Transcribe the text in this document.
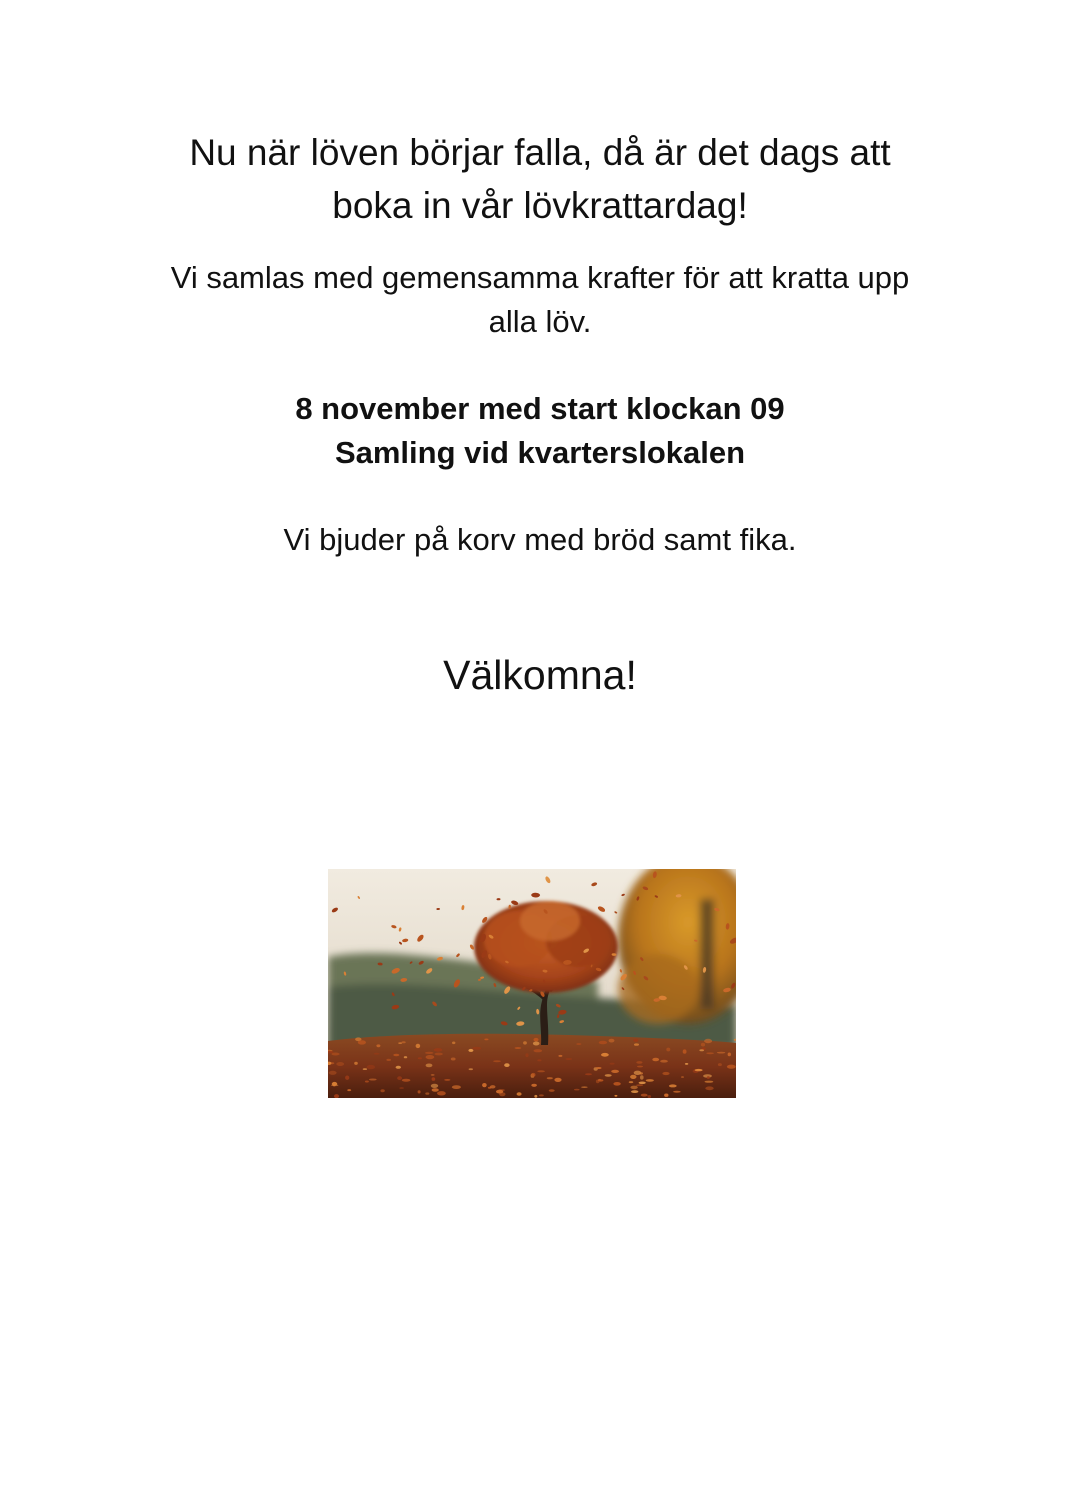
Nu när löven börjar falla, då är det dags att
boka in vår lövkrattardag!

Vi samlas med gemensamma krafter för att kratta upp
alla löv.

8 november med start klockan 09
Samling vid kvarterslokalen

Vi bjuder på korv med bröd samt fika.

Välkomna!
